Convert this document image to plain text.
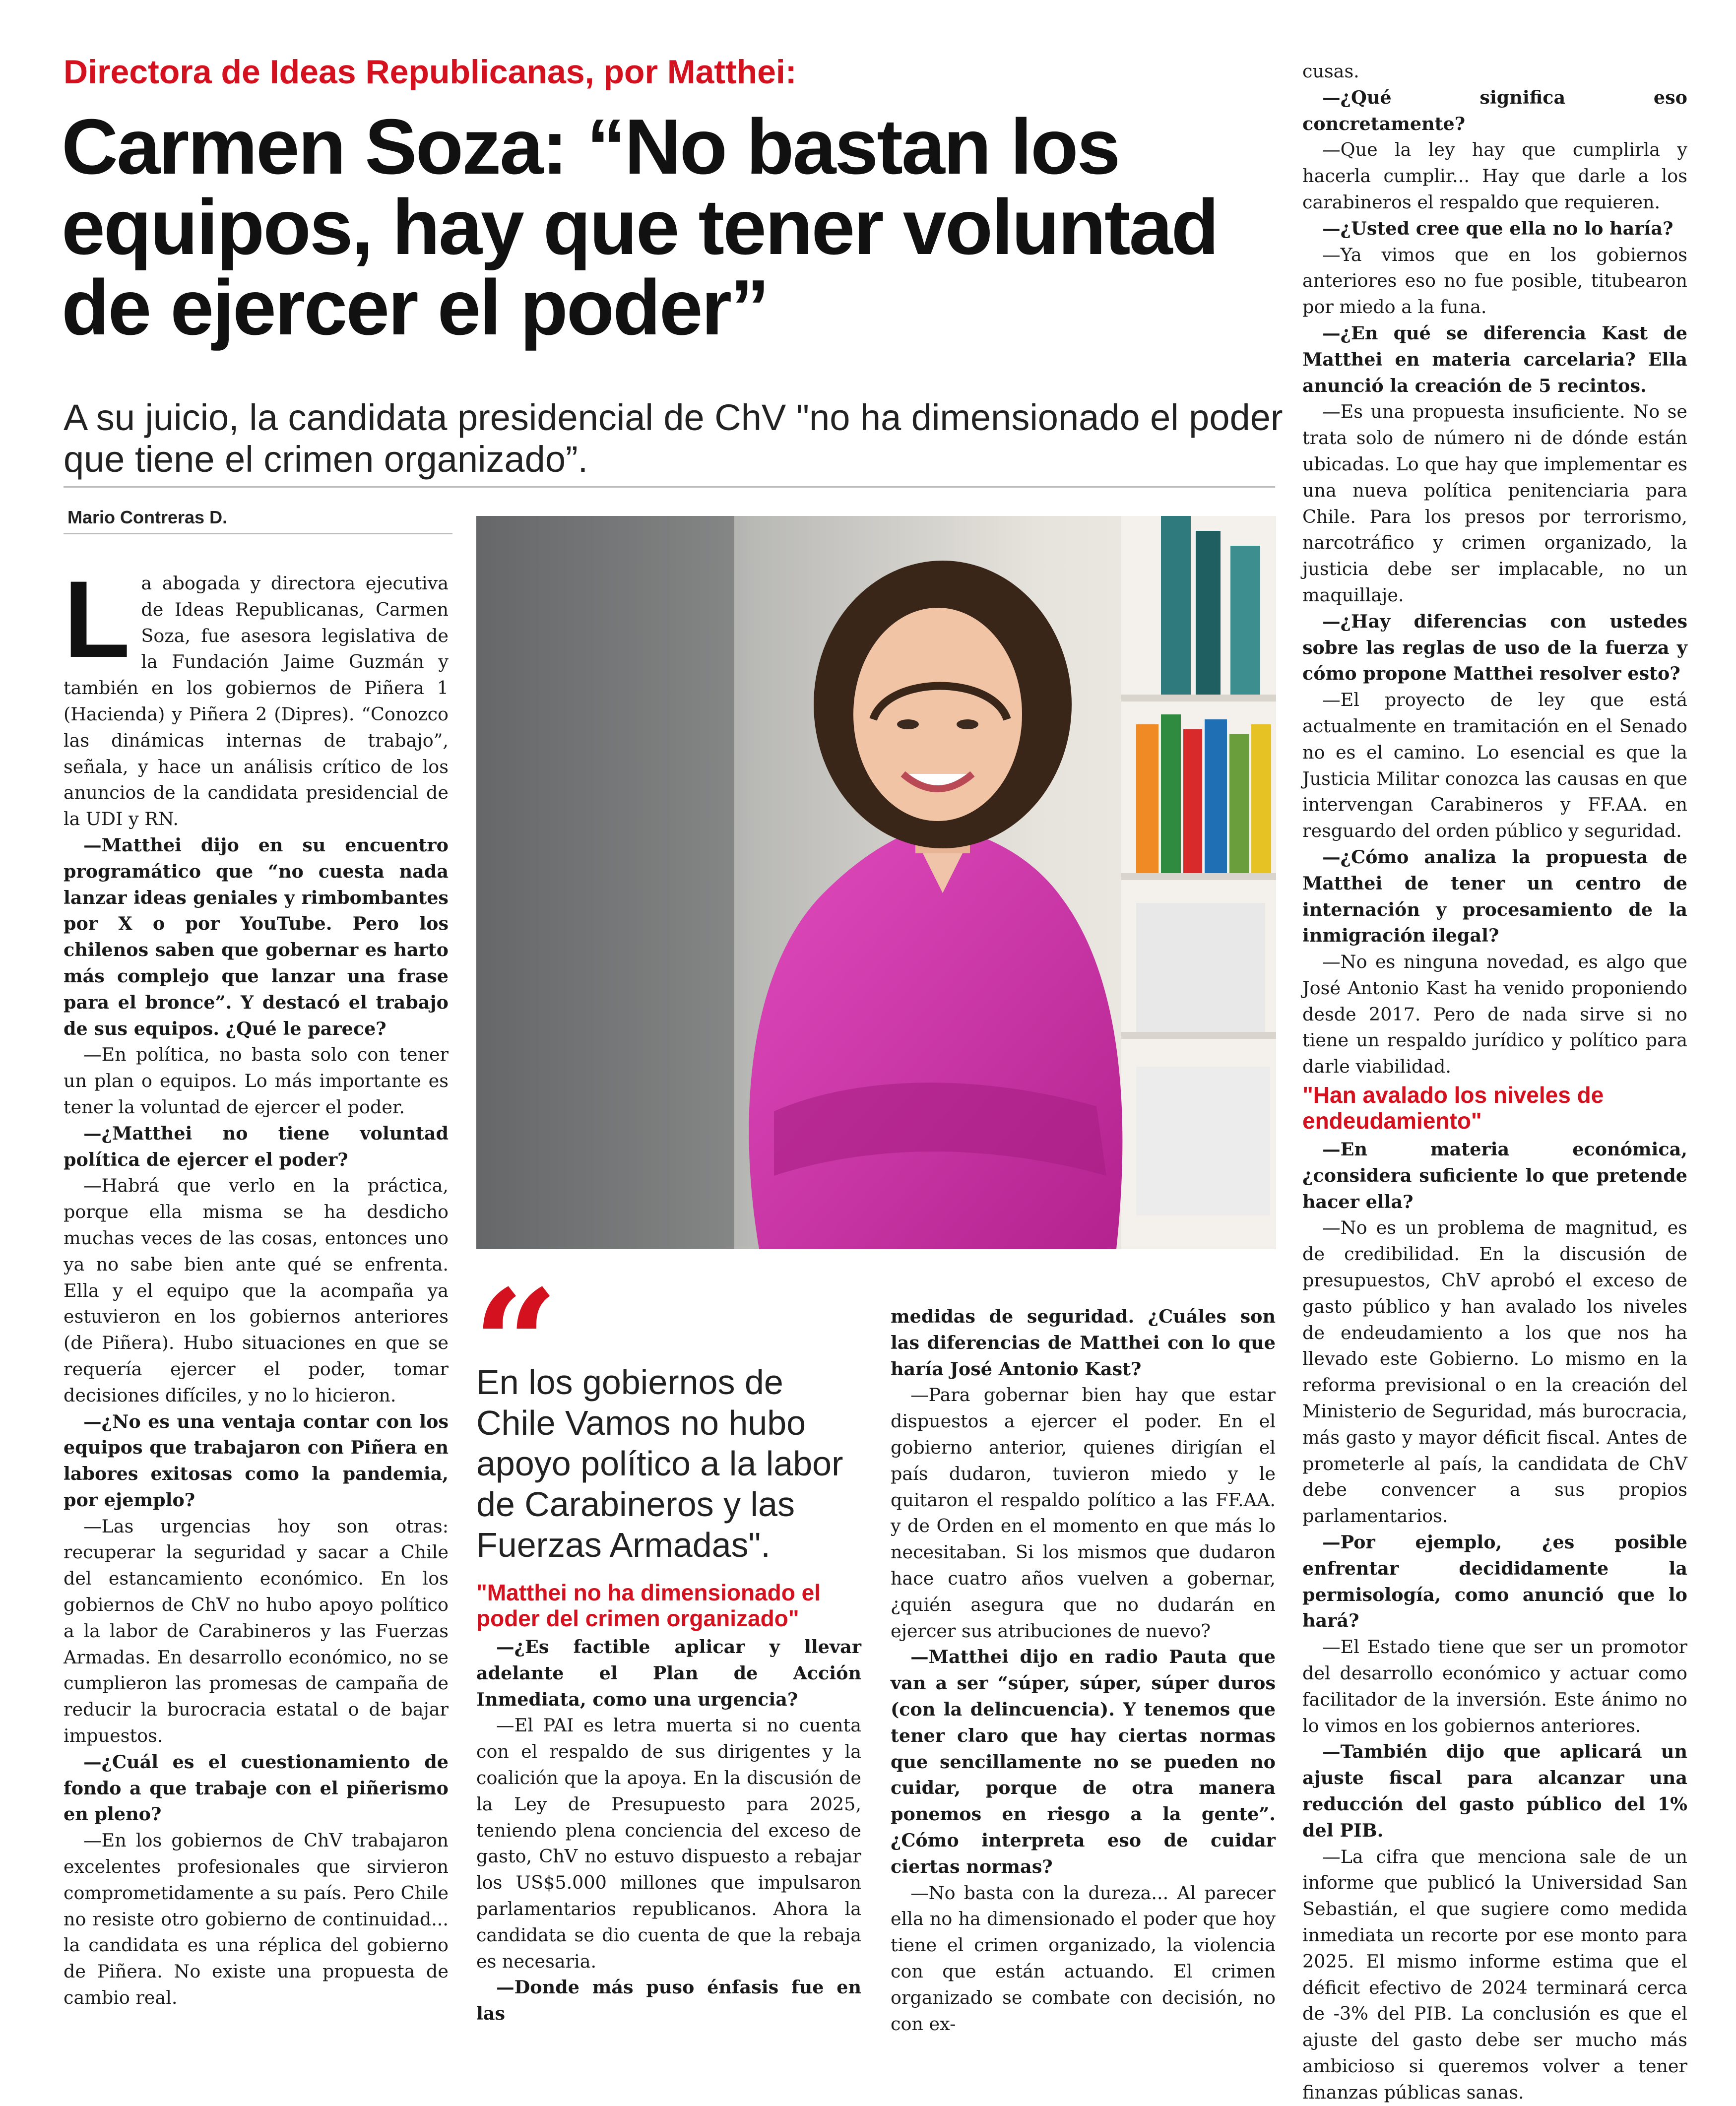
Directora de Ideas Republicanas, por Matthei:
Carmen Soza: “No bastan los equipos, hay que tener voluntad de ejercer el poder”

A su juicio, la candidata presidencial de ChV "no ha dimensionado el poder que tiene el crimen organizado”.

Mario Contreras D.

La abogada y directora ejecutiva de Ideas Republicanas, Carmen Soza, fue asesora legislativa de la Fundación Jaime Guzmán y también en los gobiernos de Piñera 1 (Hacienda) y Piñera 2 (Dipres). “Conozco las dinámicas internas de trabajo”, señala, y hace un análisis crítico de los anuncios de la candidata presidencial de la UDI y RN.

—Matthei dijo en su encuentro programático que “no cuesta nada lanzar ideas geniales y rimbombantes por X o por YouTube. Pero los chilenos saben que gobernar es harto más complejo que lanzar una frase para el bronce”. Y destacó el trabajo de sus equipos. ¿Qué le parece?

—En política, no basta solo con tener un plan o equipos. Lo más importante es tener la voluntad de ejercer el poder.

—¿Matthei no tiene voluntad política de ejercer el poder?

—Habrá que verlo en la práctica, porque ella misma se ha desdicho muchas veces de las cosas, entonces uno ya no sabe bien ante qué se enfrenta. Ella y el equipo que la acompaña ya estuvieron en los gobiernos anteriores (de Piñera). Hubo situaciones en que se requería ejercer el poder, tomar decisiones difíciles, y no lo hicieron.

—¿No es una ventaja contar con los equipos que trabajaron con Piñera en labores exitosas como la pandemia, por ejemplo?

—Las urgencias hoy son otras: recuperar la seguridad y sacar a Chile del estancamiento económico. En los gobiernos de ChV no hubo apoyo político a la labor de Carabineros y las Fuerzas Armadas. En desarrollo económico, no se cumplieron las promesas de campaña de reducir la burocracia estatal o de bajar impuestos.

—¿Cuál es el cuestionamiento de fondo a que trabaje con el piñerismo en pleno?

—En los gobiernos de ChV trabajaron excelentes profesionales que sirvieron comprometidamente a su país. Pero Chile no resiste otro gobierno de continuidad... la candidata es una réplica del gobierno de Piñera. No existe una propuesta de cambio real.

“

En los gobiernos de Chile Vamos no hubo apoyo político a la labor de Carabineros y las Fuerzas Armadas".

"Matthei no ha dimensionado el poder del crimen organizado"

—¿Es factible aplicar y llevar adelante el Plan de Acción Inmediata, como una urgencia?

—El PAI es letra muerta si no cuenta con el respaldo de sus dirigentes y la coalición que la apoya. En la discusión de la Ley de Presupuesto para 2025, teniendo plena conciencia del exceso de gasto, ChV no estuvo dispuesto a rebajar los US$5.000 millones que impulsaron parlamentarios republicanos. Ahora la candidata se dio cuenta de que la rebaja es necesaria.

—Donde más puso énfasis fue en las

medidas de seguridad. ¿Cuáles son las diferencias de Matthei con lo que haría José Antonio Kast?

—Para gobernar bien hay que estar dispuestos a ejercer el poder. En el gobierno anterior, quienes dirigían el país dudaron, tuvieron miedo y le quitaron el respaldo político a las FF.AA. y de Orden en el momento en que más lo necesitaban. Si los mismos que dudaron hace cuatro años vuelven a gobernar, ¿quién asegura que no dudarán en ejercer sus atribuciones de nuevo?

—Matthei dijo en radio Pauta que van a ser “súper, súper, súper duros (con la delincuencia). Y tenemos que tener claro que hay ciertas normas que sencillamente no se pueden no cuidar, porque de otra manera ponemos en riesgo a la gente”. ¿Cómo interpreta eso de cuidar ciertas normas?

—No basta con la dureza... Al parecer ella no ha dimensionado el poder que hoy tiene el crimen organizado, la violencia con que están actuando. El crimen organizado se combate con decisión, no con ex-

cusas.

—¿Qué significa eso concretamente?

—Que la ley hay que cumplirla y hacerla cumplir... Hay que darle a los carabineros el respaldo que requieren.

—¿Usted cree que ella no lo haría?

—Ya vimos que en los gobiernos anteriores eso no fue posible, titubearon por miedo a la funa.

—¿En qué se diferencia Kast de Matthei en materia carcelaria? Ella anunció la creación de 5 recintos.

—Es una propuesta insuficiente. No se trata solo de número ni de dónde están ubicadas. Lo que hay que implementar es una nueva política penitenciaria para Chile. Para los presos por terrorismo, narcotráfico y crimen organizado, la justicia debe ser implacable, no un maquillaje.

—¿Hay diferencias con ustedes sobre las reglas de uso de la fuerza y cómo propone Matthei resolver esto?

—El proyecto de ley que está actualmente en tramitación en el Senado no es el camino. Lo esencial es que la Justicia Militar conozca las causas en que intervengan Carabineros y FF.AA. en resguardo del orden público y seguridad.

—¿Cómo analiza la propuesta de Matthei de tener un centro de internación y procesamiento de la inmigración ilegal?

—No es ninguna novedad, es algo que José Antonio Kast ha venido proponiendo desde 2017. Pero de nada sirve si no tiene un respaldo jurídico y político para darle viabilidad.

"Han avalado los niveles de endeudamiento"

—En materia económica, ¿considera suficiente lo que pretende hacer ella?

—No es un problema de magnitud, es de credibilidad. En la discusión de presupuestos, ChV aprobó el exceso de gasto público y han avalado los niveles de endeudamiento a los que nos ha llevado este Gobierno. Lo mismo en la reforma previsional o en la creación del Ministerio de Seguridad, más burocracia, más gasto y mayor déficit fiscal. Antes de prometerle al país, la candidata de ChV debe convencer a sus propios parlamentarios.

—Por ejemplo, ¿es posible enfrentar decididamente la permisología, como anunció que lo hará?

—El Estado tiene que ser un promotor del desarrollo económico y actuar como facilitador de la inversión. Este ánimo no lo vimos en los gobiernos anteriores.

—También dijo que aplicará un ajuste fiscal para alcanzar una reducción del gasto público del 1% del PIB.

—La cifra que menciona sale de un informe que publicó la Universidad San Sebastián, el que sugiere como medida inmediata un recorte por ese monto para 2025. El mismo informe estima que el déficit efectivo de 2024 terminará cerca de -3% del PIB. La conclusión es que el ajuste del gasto debe ser mucho más ambicioso si queremos volver a tener finanzas públicas sanas.
